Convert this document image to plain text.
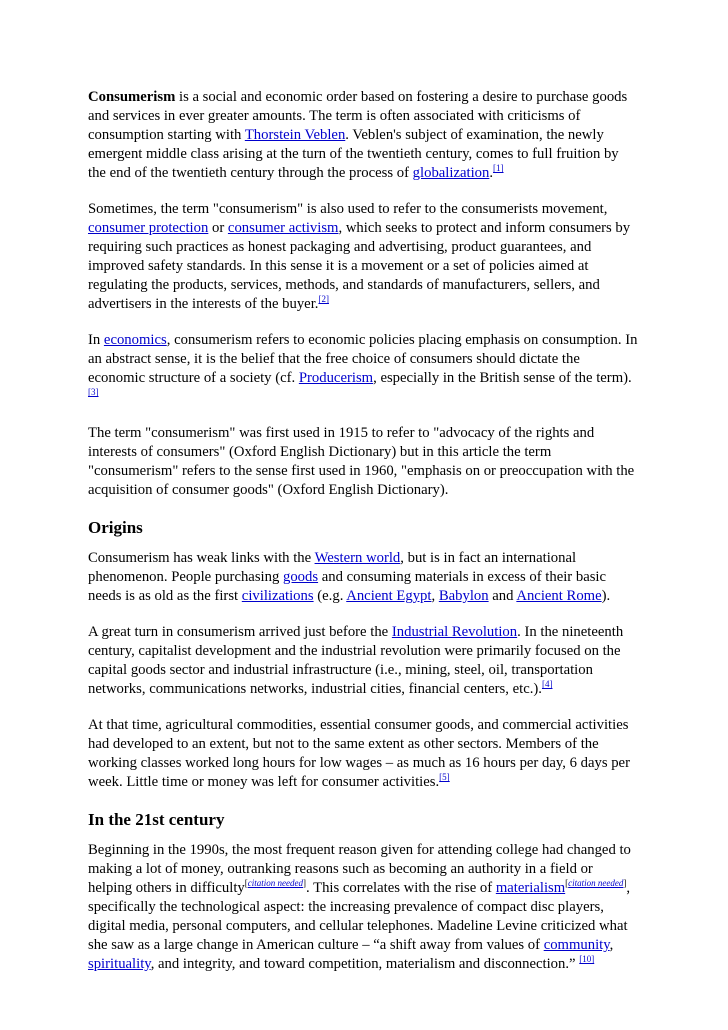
Consumerism is a social and economic order based on fostering a desire to purchase goods and services in ever greater amounts. The term is often associated with criticisms of consumption starting with Thorstein Veblen. Veblen's subject of examination, the newly emergent middle class arising at the turn of the twentieth century, comes to full fruition by the end of the twentieth century through the process of globalization.[1]

Sometimes, the term "consumerism" is also used to refer to the consumerists movement, consumer protection or consumer activism, which seeks to protect and inform consumers by requiring such practices as honest packaging and advertising, product guarantees, and improved safety standards. In this sense it is a movement or a set of policies aimed at regulating the products, services, methods, and standards of manufacturers, sellers, and advertisers in the interests of the buyer.[2]

In economics, consumerism refers to economic policies placing emphasis on consumption. In an abstract sense, it is the belief that the free choice of consumers should dictate the economic structure of a society (cf. Producerism, especially in the British sense of the term).[3]

The term "consumerism" was first used in 1915 to refer to "advocacy of the rights and interests of consumers" (Oxford English Dictionary) but in this article the term "consumerism" refers to the sense first used in 1960, "emphasis on or preoccupation with the acquisition of consumer goods" (Oxford English Dictionary).

Origins

Consumerism has weak links with the Western world, but is in fact an international phenomenon. People purchasing goods and consuming materials in excess of their basic needs is as old as the first civilizations (e.g. Ancient Egypt, Babylon and Ancient Rome).

A great turn in consumerism arrived just before the Industrial Revolution. In the nineteenth century, capitalist development and the industrial revolution were primarily focused on the capital goods sector and industrial infrastructure (i.e., mining, steel, oil, transportation networks, communications networks, industrial cities, financial centers, etc.).[4]

At that time, agricultural commodities, essential consumer goods, and commercial activities had developed to an extent, but not to the same extent as other sectors. Members of the working classes worked long hours for low wages – as much as 16 hours per day, 6 days per week. Little time or money was left for consumer activities.[5]

In the 21st century

Beginning in the 1990s, the most frequent reason given for attending college had changed to making a lot of money, outranking reasons such as becoming an authority in a field or helping others in difficulty[citation needed]. This correlates with the rise of materialism[citation needed], specifically the technological aspect: the increasing prevalence of compact disc players, digital media, personal computers, and cellular telephones. Madeline Levine criticized what she saw as a large change in American culture – “a shift away from values of community, spirituality, and integrity, and toward competition, materialism and disconnection.” [10]
